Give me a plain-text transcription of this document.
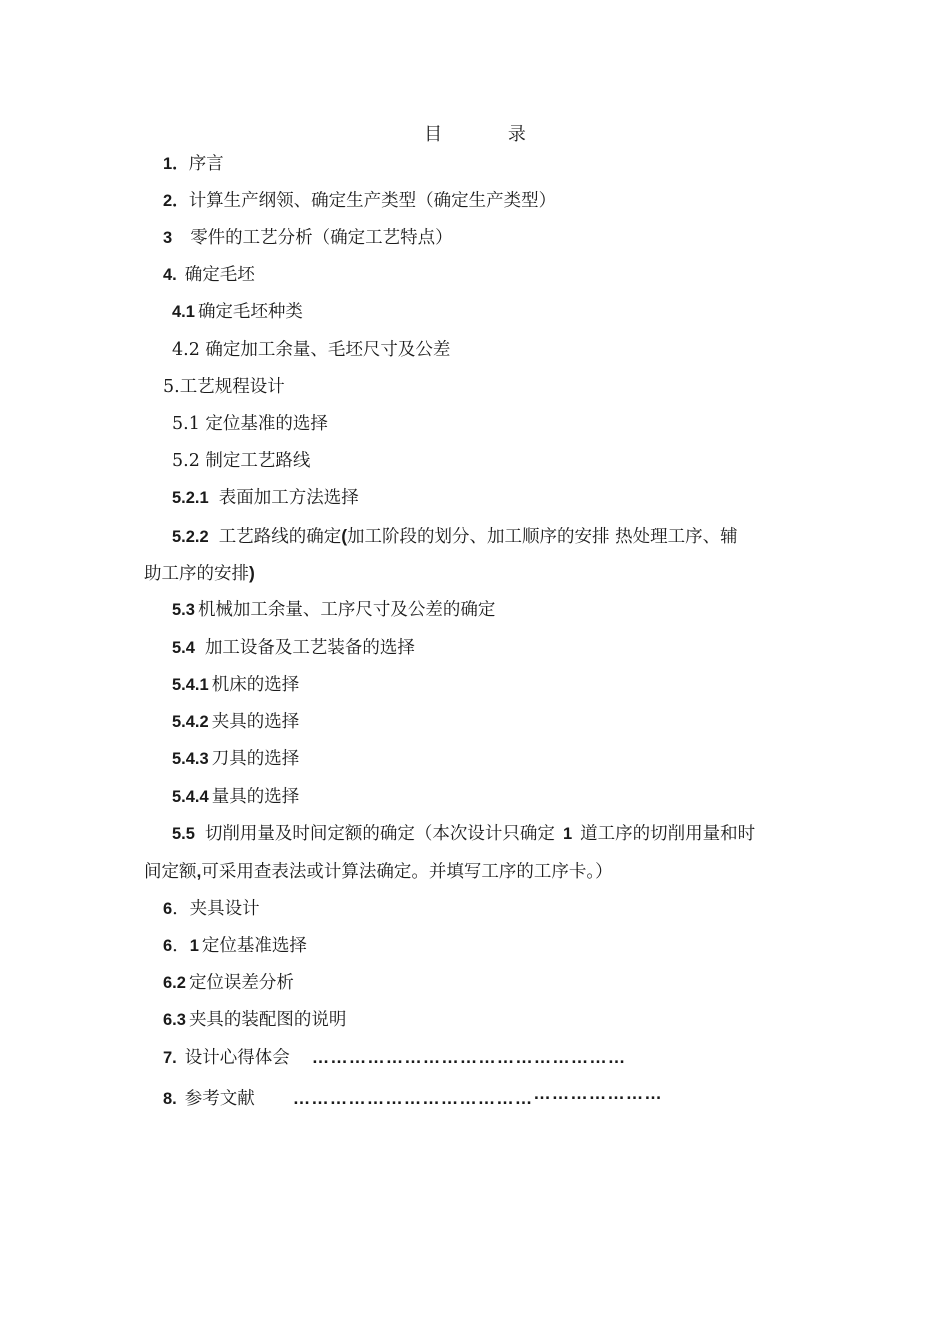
目	录
1．序言
2．计算生产纲领、确定生产类型（确定生产类型）
3 零件的工艺分析（确定工艺特点）
4. 确定毛坯
4.1 确定毛坯种类
4.2 确定加工余量、毛坯尺寸及公差
5.工艺规程设计
5.1 定位基准的选择
5.2 制定工艺路线
5.2.1 表面加工方法选择
5.2.2 工艺路线的确定(加工阶段的划分、加工顺序的安排 热处理工序、辅
助工序的安排)
5.3 机械加工余量、工序尺寸及公差的确定
5.4 加工设备及工艺装备的选择
5.4.1 机床的选择
5.4.2 夹具的选择
5.4.3 刀具的选择
5.4.4 量具的选择
5.5 切削用量及时间定额的确定（本次设计只确定 1 道工序的切削用量和时
间定额,可采用查表法或计算法确定。并填写工序的工序卡。）
6．夹具设计
6．1 定位基准选择
6.2 定位误差分析
6.3 夹具的装配图的说明
7. 设计心得体会 ……………………………………………
8. 参考文献 ……………………………………………………
